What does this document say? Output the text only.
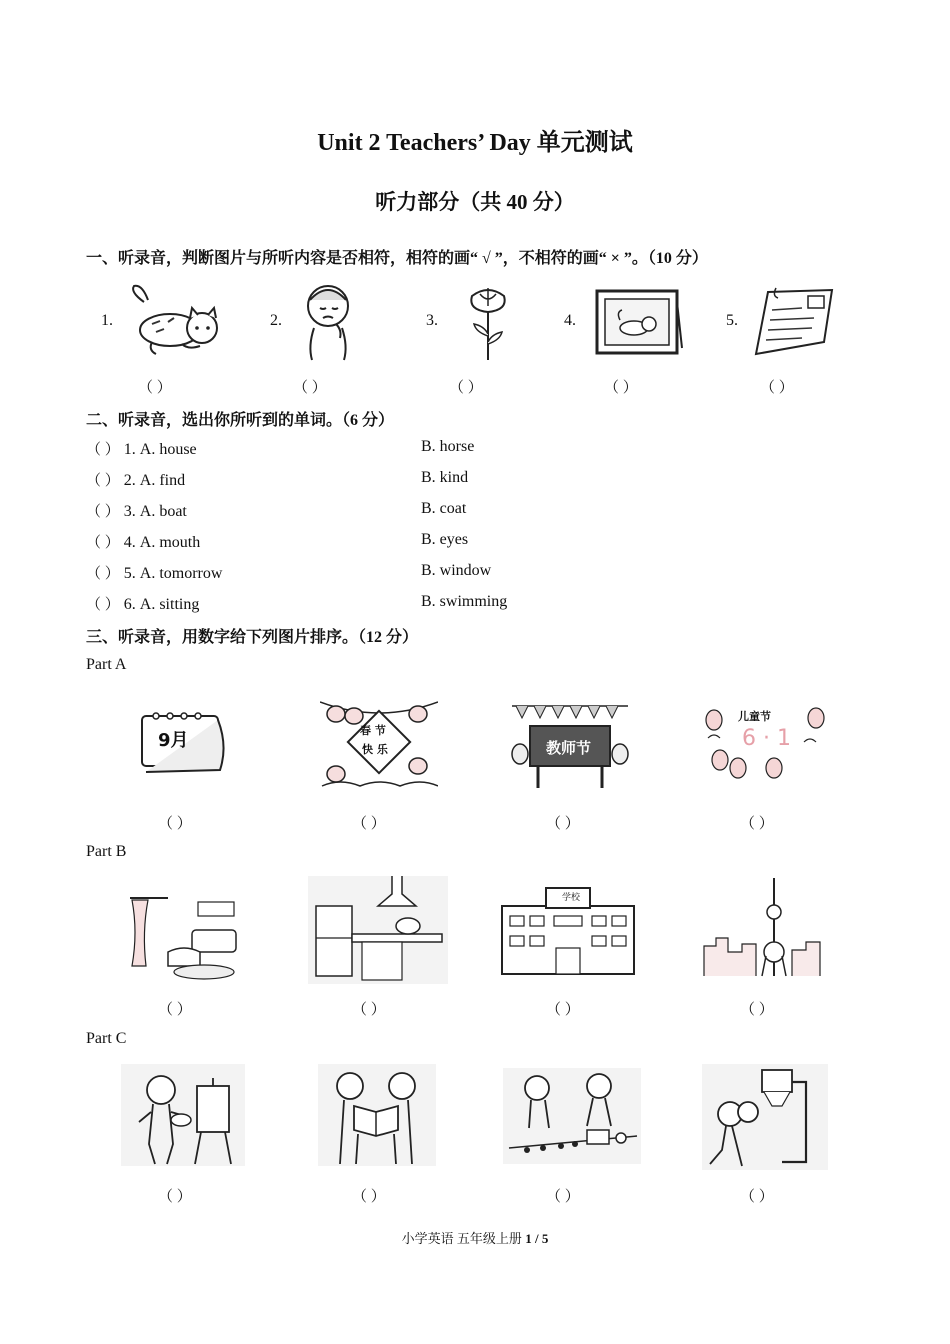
Unit 2 Teachers’ Day 单元测试
听力部分（共 40 分）
一、听录音，判断图片与所听内容是否相符，相符的画“ √ ”，不相符的画“ × ”。（10 分）
1.
（ ）
2.
（ ）
3.
（ ）
4.
（ ）
5.
（ ）
二、听录音，选出你所听到的单词。（6 分）
（ ） 1. A. house	B. horse
（ ） 2. A. find	B. kind
（ ） 3. A. boat	B. coat
（ ） 4. A. mouth	B. eyes
（ ） 5. A. tomorrow	B. window
（ ） 6. A. sitting	B. swimming
三、听录音，用数字给下列图片排序。（12 分）
Part A
9月
（ ）
春 节
快 乐
（ ）
教师节
（ ）
儿童节
6 · 1
（ ）
Part B
（ ）	（ ）
学校
（ ）	（ ）
Part C
（ ）	（ ）	（ ）	（ ）
小学英语 五年级上册 1 / 5
